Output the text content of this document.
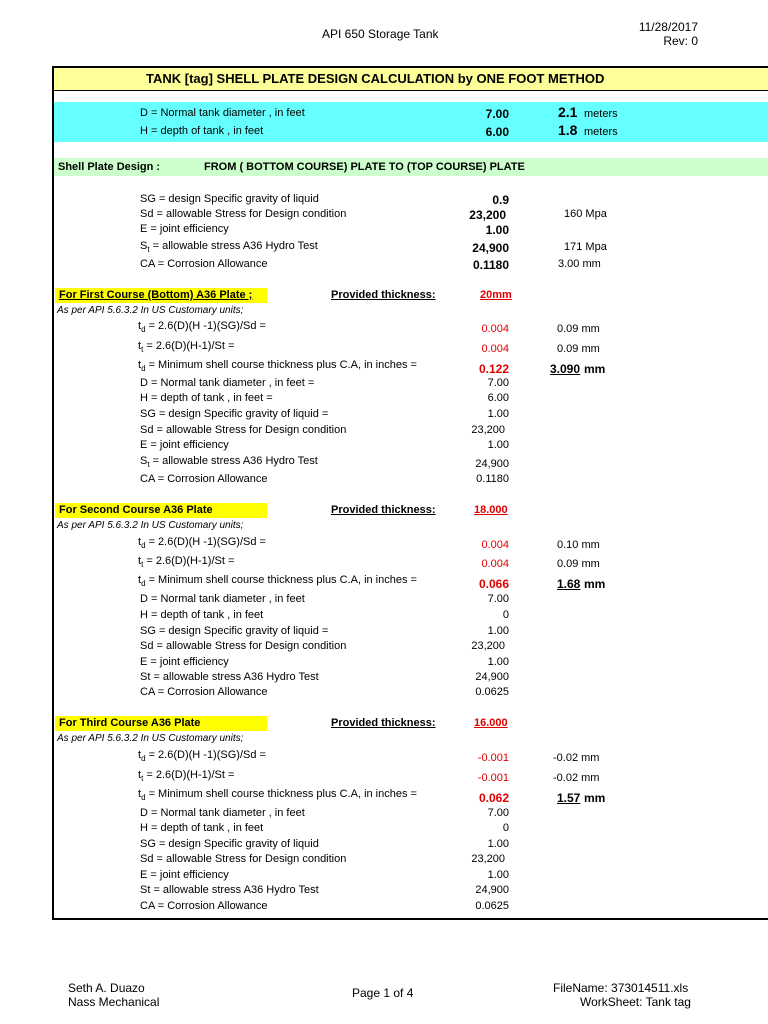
API 650 Storage Tank	11/28/2017
Rev: 0
TANK [tag] SHELL PLATE DESIGN CALCULATION by ONE FOOT METHOD
D = Normal tank diameter , in feet	7.00	2.1 meters
H = depth of tank , in feet	6.00	1.8 meters
Shell Plate Design :	FROM ( BOTTOM COURSE) PLATE TO (TOP COURSE) PLATE
SG = design Specific gravity of liquid	0.9
Sd = allowable Stress for Design condition	23,200	160 Mpa
E = joint efficiency	1.00
$S_t$ = allowable stress A36 Hydro Test	24,900	171 Mpa
CA = Corrosion Allowance	0.1180	3.00 mm
For First Course (Bottom) A36 Plate ;	Provided thickness:	20mm
As per API 5.6.3.2 In US Customary units;
$t_d = 2.6(D)(H$ -1)(SG)/Sd =	0.004	0.09 mm
$t_t = 2.6(D)(H-1)/St$ =	0.004	0.09 mm
$t_d$ = Minimum shell course thickness plus C.A, in inches =	0.122	3.090 mm
D = Normal tank diameter , in feet =	7.00
H = depth of tank , in feet =	6.00
SG = design Specific gravity of liquid =	1.00
Sd = allowable Stress for Design condition	23,200
E = joint efficiency	1.00
$S_t$ = allowable stress A36 Hydro Test	24,900
CA = Corrosion Allowance	0.1180
For Second Course A36 Plate	Provided thickness:	18.000
As per API 5.6.3.2 In US Customary units;
$t_d = 2.6(D)(H$ -1)(SG)/Sd =	0.004	0.10 mm
$t_t = 2.6(D)(H-1)/St$ =	0.004	0.09 mm
$t_d$ = Minimum shell course thickness plus C.A, in inches =	0.066	1.68 mm
D = Normal tank diameter , in feet	7.00
H = depth of tank , in feet	0
SG = design Specific gravity of liquid =	1.00
Sd = allowable Stress for Design condition	23,200
E = joint efficiency	1.00
St = allowable stress A36 Hydro Test	24,900
CA = Corrosion Allowance	0.0625
For Third Course A36 Plate	Provided thickness:	16.000
As per API 5.6.3.2 In US Customary units;
$t_d = 2.6(D)(H$ -1)(SG)/Sd =	-0.001	-0.02 mm
$t_t = 2.6(D)(H-1)/St$ =	-0.001	-0.02 mm
$t_d$ = Minimum shell course thickness plus C.A, in inches =	0.062	1.57 mm
D = Normal tank diameter , in feet	7.00
H = depth of tank , in feet	0
SG = design Specific gravity of liquid	1.00
Sd = allowable Stress for Design condition	23,200
E = joint efficiency	1.00
St = allowable stress A36 Hydro Test	24,900
CA = Corrosion Allowance	0.0625
Seth A. Duazo
Nass Mechanical
Page 1 of 4	FileName: 373014511.xls
WorkSheet: Tank tag
